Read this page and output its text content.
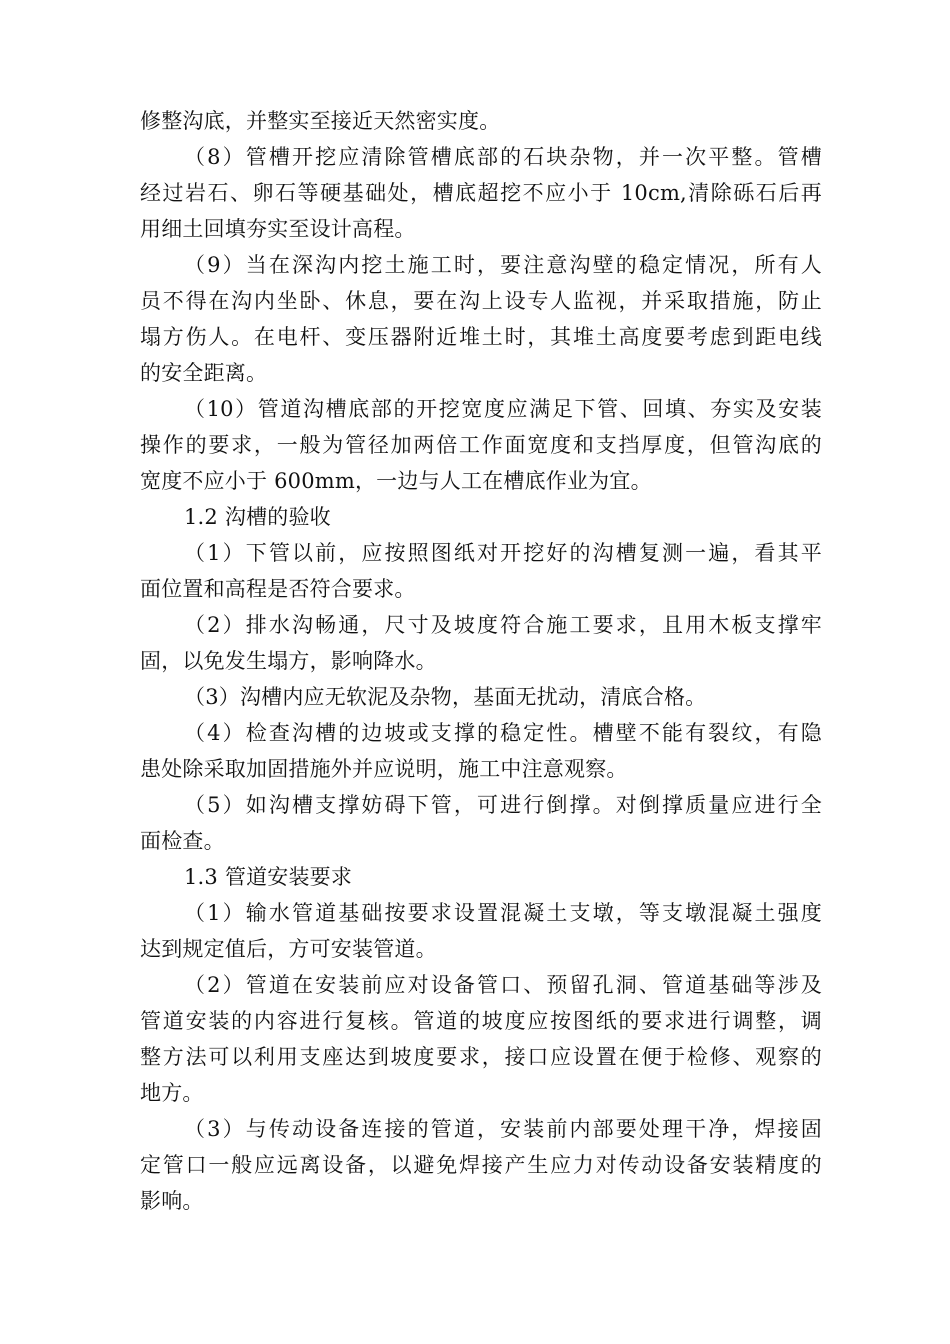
修整沟底，并整实至接近天然密实度。
（8）管槽开挖应清除管槽底部的石块杂物，并一次平整。管槽
经过岩石、卵石等硬基础处，槽底超挖不应小于 10cm,清除砾石后再
用细土回填夯实至设计高程。
（9）当在深沟内挖土施工时，要注意沟壁的稳定情况，所有人
员不得在沟内坐卧、休息，要在沟上设专人监视，并采取措施，防止
塌方伤人。在电杆、变压器附近堆土时，其堆土高度要考虑到距电线
的安全距离。
（10）管道沟槽底部的开挖宽度应满足下管、回填、夯实及安装
操作的要求，一般为管径加两倍工作面宽度和支挡厚度，但管沟底的
宽度不应小于 600mm，一边与人工在槽底作业为宜。
1.2 沟槽的验收
（1）下管以前，应按照图纸对开挖好的沟槽复测一遍，看其平
面位置和高程是否符合要求。
（2）排水沟畅通，尺寸及坡度符合施工要求，且用木板支撑牢
固，以免发生塌方，影响降水。
（3）沟槽内应无软泥及杂物，基面无扰动，清底合格。
（4）检查沟槽的边坡或支撑的稳定性。槽壁不能有裂纹，有隐
患处除采取加固措施外并应说明，施工中注意观察。
（5）如沟槽支撑妨碍下管，可进行倒撑。对倒撑质量应进行全
面检查。
1.3 管道安装要求
（1）输水管道基础按要求设置混凝土支墩，等支墩混凝土强度
达到规定值后，方可安装管道。
（2）管道在安装前应对设备管口、预留孔洞、管道基础等涉及
管道安装的内容进行复核。管道的坡度应按图纸的要求进行调整，调
整方法可以利用支座达到坡度要求，接口应设置在便于检修、观察的
地方。
（3）与传动设备连接的管道，安装前内部要处理干净，焊接固
定管口一般应远离设备，以避免焊接产生应力对传动设备安装精度的
影响。
